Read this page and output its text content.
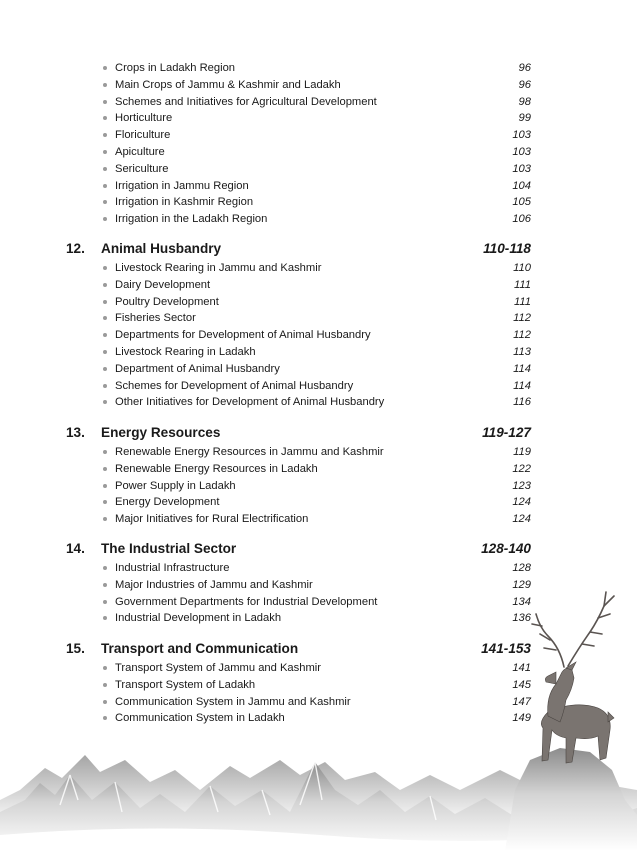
Crops in Ladakh Region	96
Main Crops of Jammu & Kashmir and Ladakh	96
Schemes and Initiatives for Agricultural Development	98
Horticulture	99
Floriculture	103
Apiculture	103
Sericulture	103
Irrigation in Jammu Region	104
Irrigation in Kashmir Region	105
Irrigation in the Ladakh Region	106
12. Animal Husbandry	110-118
Livestock Rearing in Jammu and Kashmir	110
Dairy Development	111
Poultry Development	111
Fisheries Sector	112
Departments for Development of Animal Husbandry	112
Livestock Rearing in Ladakh	113
Department of Animal Husbandry	114
Schemes for Development of Animal Husbandry	114
Other Initiatives for Development of Animal Husbandry	116
13. Energy Resources	119-127
Renewable Energy Resources in Jammu and Kashmir	119
Renewable Energy Resources in Ladakh	122
Power Supply in Ladakh	123
Energy Development	124
Major Initiatives for Rural Electrification	124
14. The Industrial Sector	128-140
Industrial Infrastructure	128
Major Industries of Jammu and Kashmir	129
Government Departments for Industrial Development	134
Industrial Development in Ladakh	136
15. Transport and Communication	141-153
Transport System of Jammu and Kashmir	141
Transport System of Ladakh	145
Communication System in Jammu and Kashmir	147
Communication System in Ladakh	149
